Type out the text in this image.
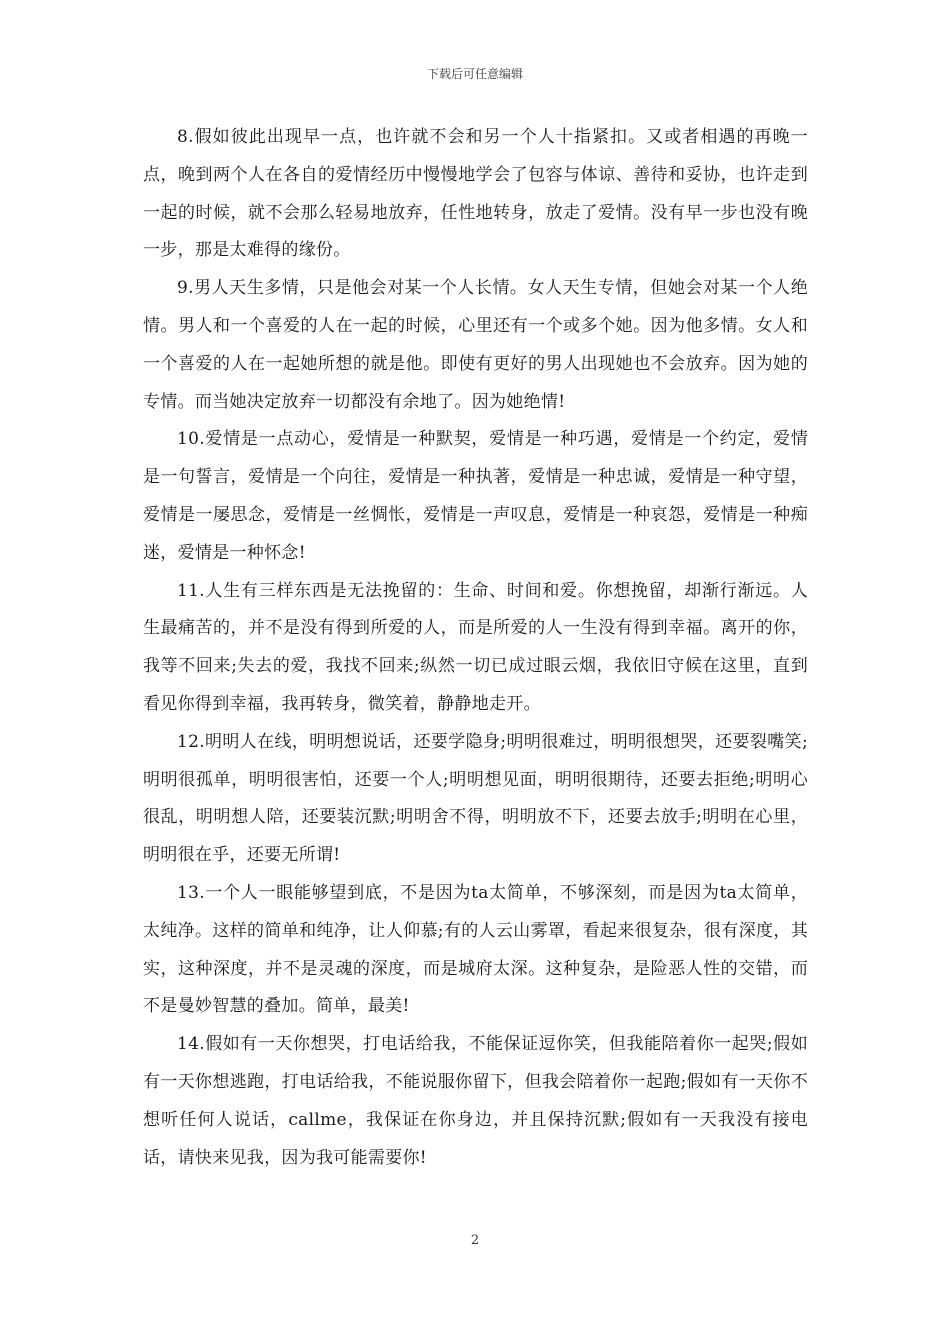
下载后可任意编辑

8.假如彼此出现早一点，也许就不会和另一个人十指紧扣。又或者相遇的再晚一点，晚到两个人在各自的爱情经历中慢慢地学会了包容与体谅、善待和妥协，也许走到一起的时候，就不会那么轻易地放弃，任性地转身，放走了爱情。没有早一步也没有晚一步，那是太难得的缘份。

9.男人天生多情，只是他会对某一个人长情。女人天生专情，但她会对某一个人绝情。男人和一个喜爱的人在一起的时候，心里还有一个或多个她。因为他多情。女人和一个喜爱的人在一起她所想的就是他。即使有更好的男人出现她也不会放弃。因为她的专情。而当她决定放弃一切都没有余地了。因为她绝情!

10.爱情是一点动心，爱情是一种默契，爱情是一种巧遇，爱情是一个约定，爱情是一句誓言，爱情是一个向往，爱情是一种执著，爱情是一种忠诚，爱情是一种守望，爱情是一屡思念，爱情是一丝惆怅，爱情是一声叹息，爱情是一种哀怨，爱情是一种痴迷，爱情是一种怀念!

11.人生有三样东西是无法挽留的：生命、时间和爱。你想挽留，却渐行渐远。人生最痛苦的，并不是没有得到所爱的人，而是所爱的人一生没有得到幸福。离开的你，我等不回来;失去的爱，我找不回来;纵然一切已成过眼云烟，我依旧守候在这里，直到看见你得到幸福，我再转身，微笑着，静静地走开。

12.明明人在线，明明想说话，还要学隐身;明明很难过，明明很想哭，还要裂嘴笑;明明很孤单，明明很害怕，还要一个人;明明想见面，明明很期待，还要去拒绝;明明心很乱，明明想人陪，还要装沉默;明明舍不得，明明放不下，还要去放手;明明在心里，明明很在乎，还要无所谓!

13.一个人一眼能够望到底，不是因为ta太简单，不够深刻，而是因为ta太简单，太纯净。这样的简单和纯净，让人仰慕;有的人云山雾罩，看起来很复杂，很有深度，其实，这种深度，并不是灵魂的深度，而是城府太深。这种复杂，是险恶人性的交错，而不是曼妙智慧的叠加。简单，最美!

14.假如有一天你想哭，打电话给我，不能保证逗你笑，但我能陪着你一起哭;假如有一天你想逃跑，打电话给我，不能说服你留下，但我会陪着你一起跑;假如有一天你不想听任何人说话，callme，我保证在你身边，并且保持沉默;假如有一天我没有接电话，请快来见我，因为我可能需要你!

2
